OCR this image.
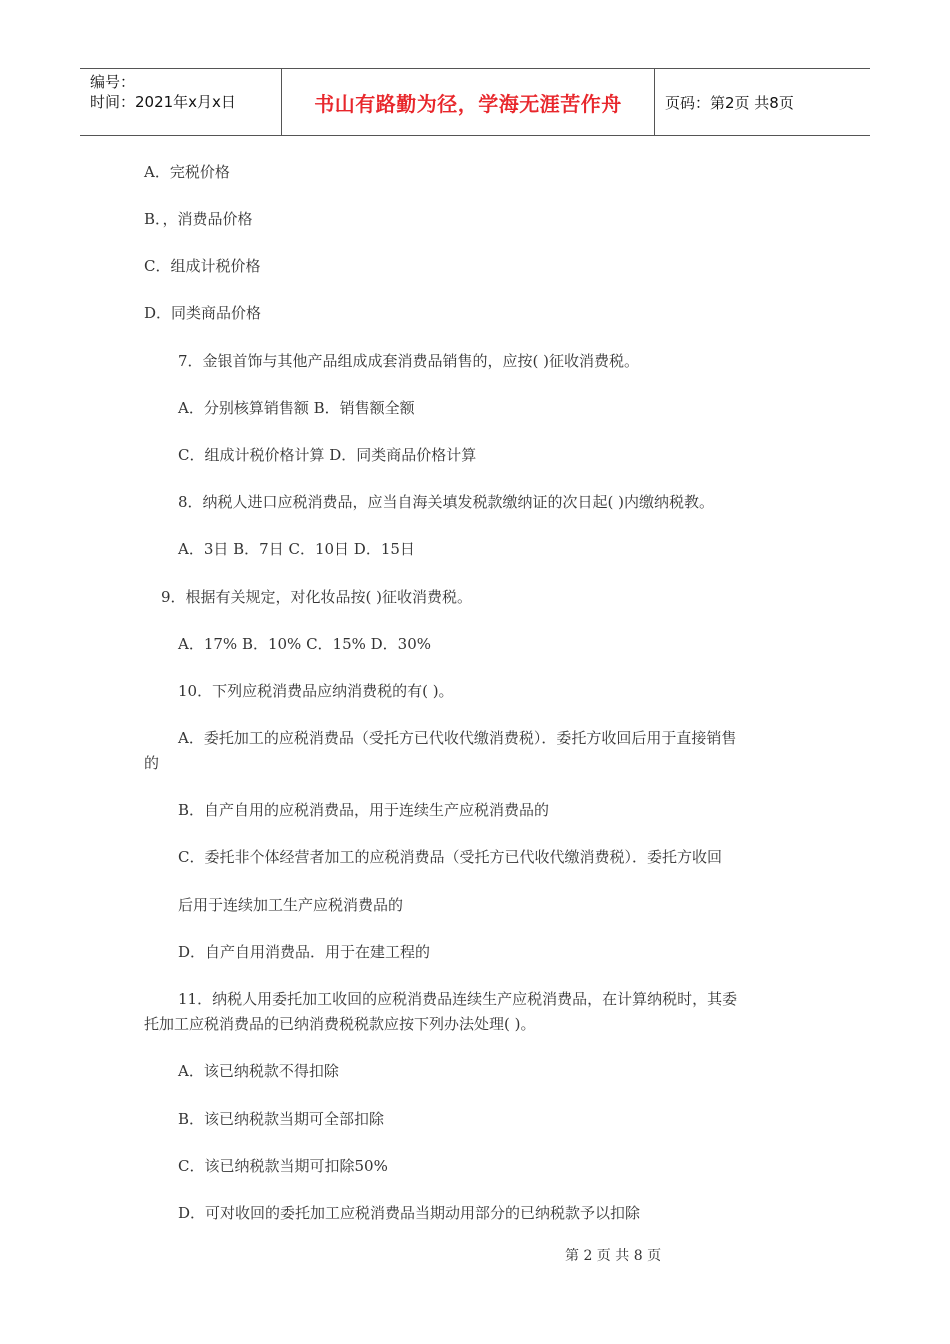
编号：
时间：2021年x月x日	书山有路勤为径，学海无涯苦作舟	页码：第2页 共8页
A．完税价格
B．，消费品价格
C．组成计税价格
D．同类商品价格
7．金银首饰与其他产品组成成套消费品销售的，应按( )征收消费税。
A．分别核算销售额 B．销售额全额
C．组成计税价格计算 D．同类商品价格计算
8．纳税人进口应税消费品，应当自海关填发税款缴纳证的次日起( )内缴纳税教。
A．3日 B．7日 C．10日 D．15日
9．根据有关规定，对化妆品按( )征收消费税。
A．17% B．10% C．15% D．30%
10．下列应税消费品应纳消费税的有( )。
A．委托加工的应税消费品（受托方已代收代缴消费税）．委托方收回后用于直接销售
的
B．自产自用的应税消费品，用于连续生产应税消费品的
C．委托非个体经营者加工的应税消费品（受托方已代收代缴消费税）．委托方收回
后用于连续加工生产应税消费品的
D．自产自用消费品．用于在建工程的
11．纳税人用委托加工收回的应税消费品连续生产应税消费品，在计算纳税时，其委
托加工应税消费品的已纳消费税税款应按下列办法处理( )。
A．该已纳税款不得扣除
B．该已纳税款当期可全部扣除
C．该已纳税款当期可扣除50%
D．可对收回的委托加工应税消费品当期动用部分的已纳税款予以扣除
第 2 页 共 8 页
